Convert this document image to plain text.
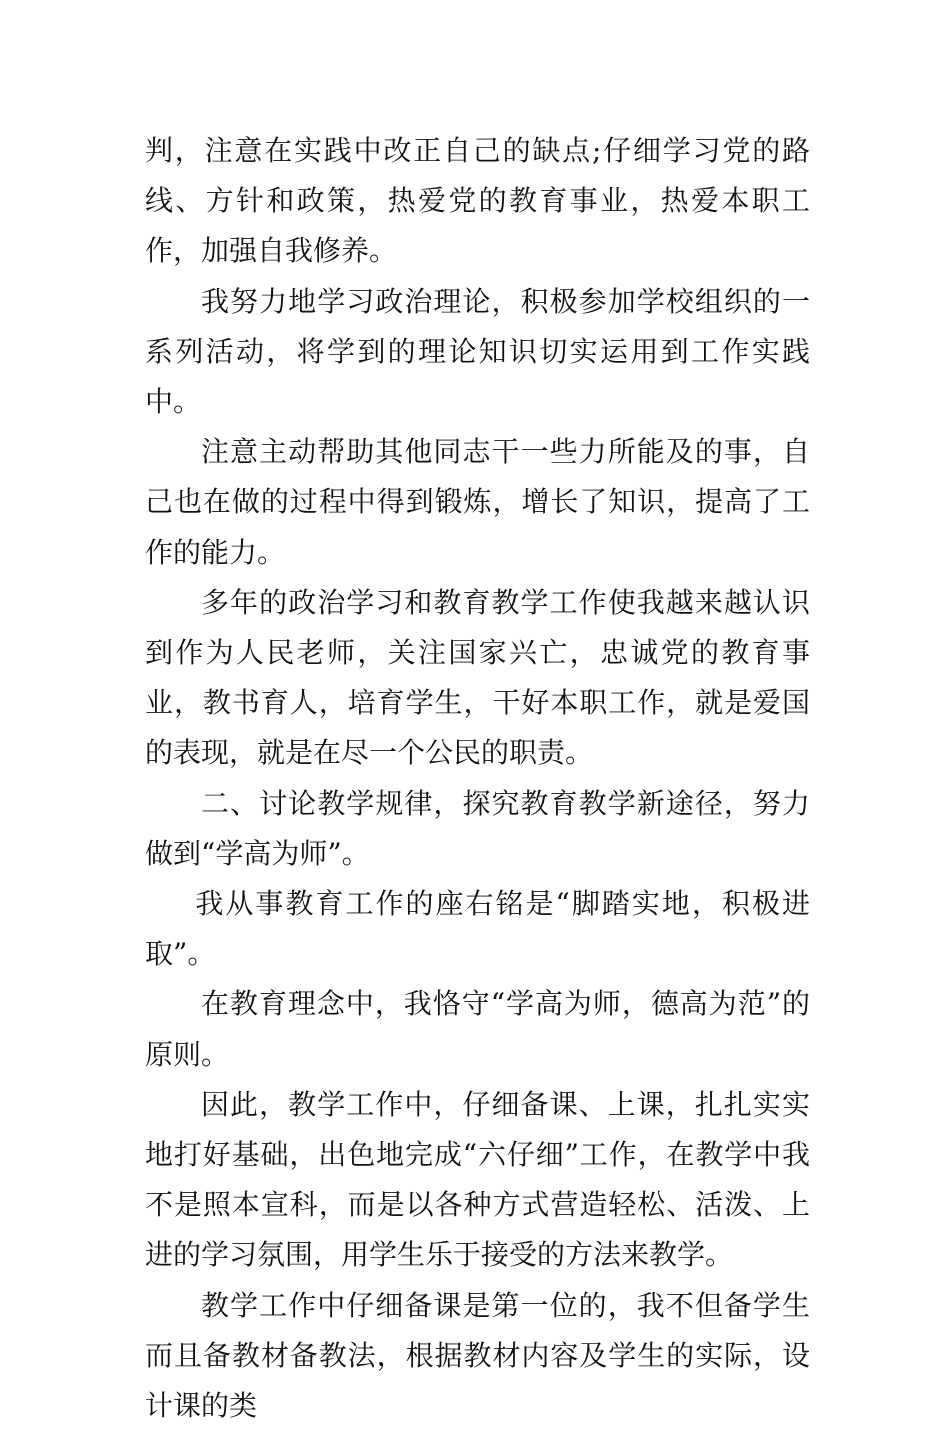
判，注意在实践中改正自己的缺点;仔细学习党的路线、方针和政策，热爱党的教育事业，热爱本职工作，加强自我修养。

我努力地学习政治理论，积极参加学校组织的一系列活动，将学到的理论知识切实运用到工作实践中。

注意主动帮助其他同志干一些力所能及的事，自己也在做的过程中得到锻炼，增长了知识，提高了工作的能力。

多年的政治学习和教育教学工作使我越来越认识到作为人民老师，关注国家兴亡，忠诚党的教育事业，教书育人，培育学生，干好本职工作，就是爱国的表现，就是在尽一个公民的职责。

二、讨论教学规律，探究教育教学新途径，努力做到“学高为师”。

我从事教育工作的座右铭是“脚踏实地，积极进取”。

在教育理念中，我恪守“学高为师，德高为范”的原则。

因此，教学工作中，仔细备课、上课，扎扎实实地打好基础，出色地完成“六仔细”工作，在教学中我不是照本宣科，而是以各种方式营造轻松、活泼、上进的学习氛围，用学生乐于接受的方法来教学。

教学工作中仔细备课是第一位的，我不但备学生而且备教材备教法，根据教材内容及学生的实际，设计课的类
